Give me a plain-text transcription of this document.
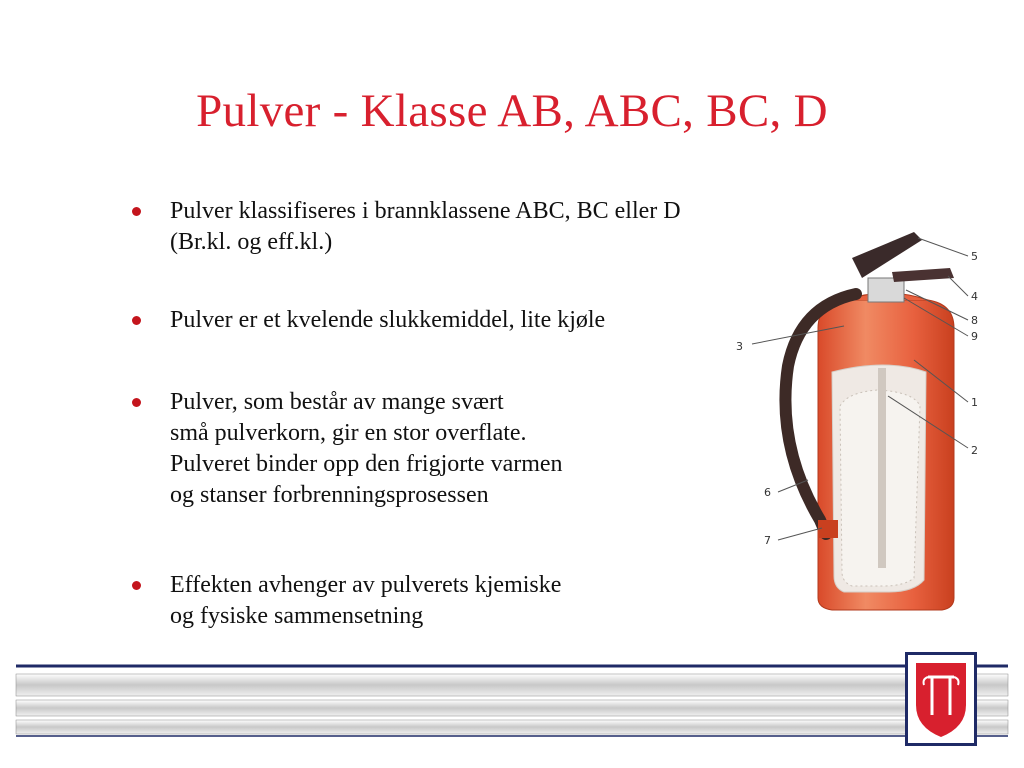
Pulver - Klasse AB, ABC, BC, D
Pulver klassifiseres i brannklassene ABC, BC eller D
(Br.kl. og eff.kl.)
Pulver er et kvelende slukkemiddel, lite kjøle
Pulver, som består av mange svært
små pulverkorn, gir en stor overflate.
Pulveret binder opp den frigjorte varmen
og stanser forbrenningsprosessen
Effekten avhenger av pulverets kjemiske
og fysiske sammensetning
5
4
8
9
3
1
2
6
7
